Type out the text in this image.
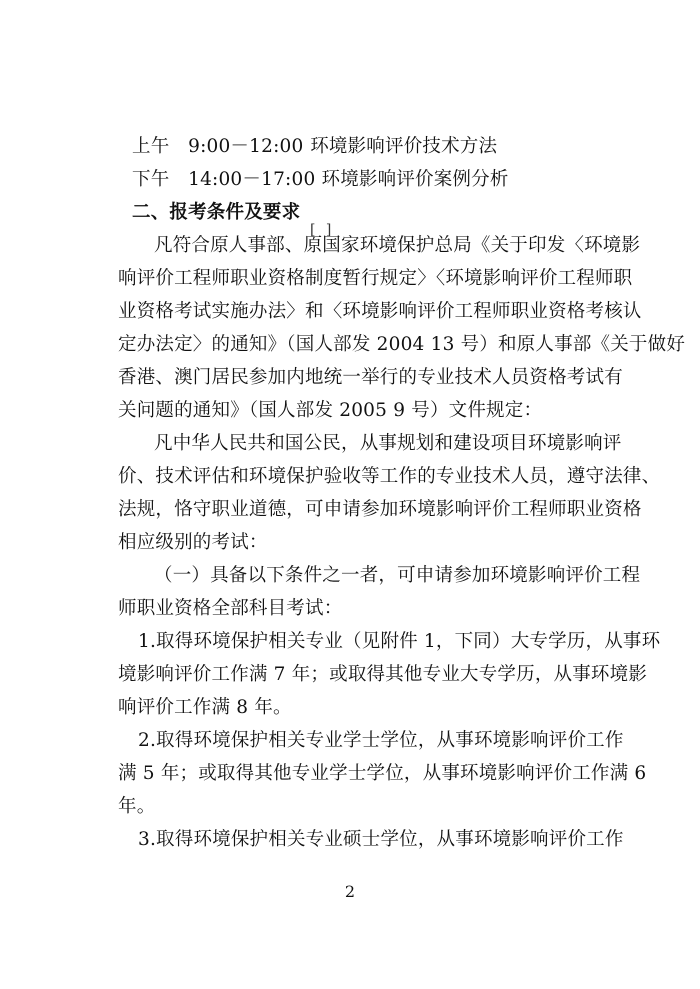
[ ]
上午 9:00－12:00 环境影响评价技术方法
下午 14:00－17:00 环境影响评价案例分析
二、报考条件及要求
凡符合原人事部、原国家环境保护总局《关于印发〈环境影
响评价工程师职业资格制度暂行规定〉〈环境影响评价工程师职
业资格考试实施办法〉和〈环境影响评价工程师职业资格考核认
定办法定〉的通知》（国人部发 2004 13 号）和原人事部《关于做好
香港、澳门居民参加内地统一举行的专业技术人员资格考试有
关问题的通知》（国人部发 2005 9 号）文件规定：
凡中华人民共和国公民，从事规划和建设项目环境影响评
价、技术评估和环境保护验收等工作的专业技术人员，遵守法律、
法规，恪守职业道德，可申请参加环境影响评价工程师职业资格
相应级别的考试：
（一）具备以下条件之一者，可申请参加环境影响评价工程
师职业资格全部科目考试：
1.取得环境保护相关专业（见附件 1，下同）大专学历，从事环
境影响评价工作满 7 年；或取得其他专业大专学历，从事环境影
响评价工作满 8 年。
2.取得环境保护相关专业学士学位，从事环境影响评价工作
满 5 年；或取得其他专业学士学位，从事环境影响评价工作满 6
年。
3.取得环境保护相关专业硕士学位，从事环境影响评价工作
2
